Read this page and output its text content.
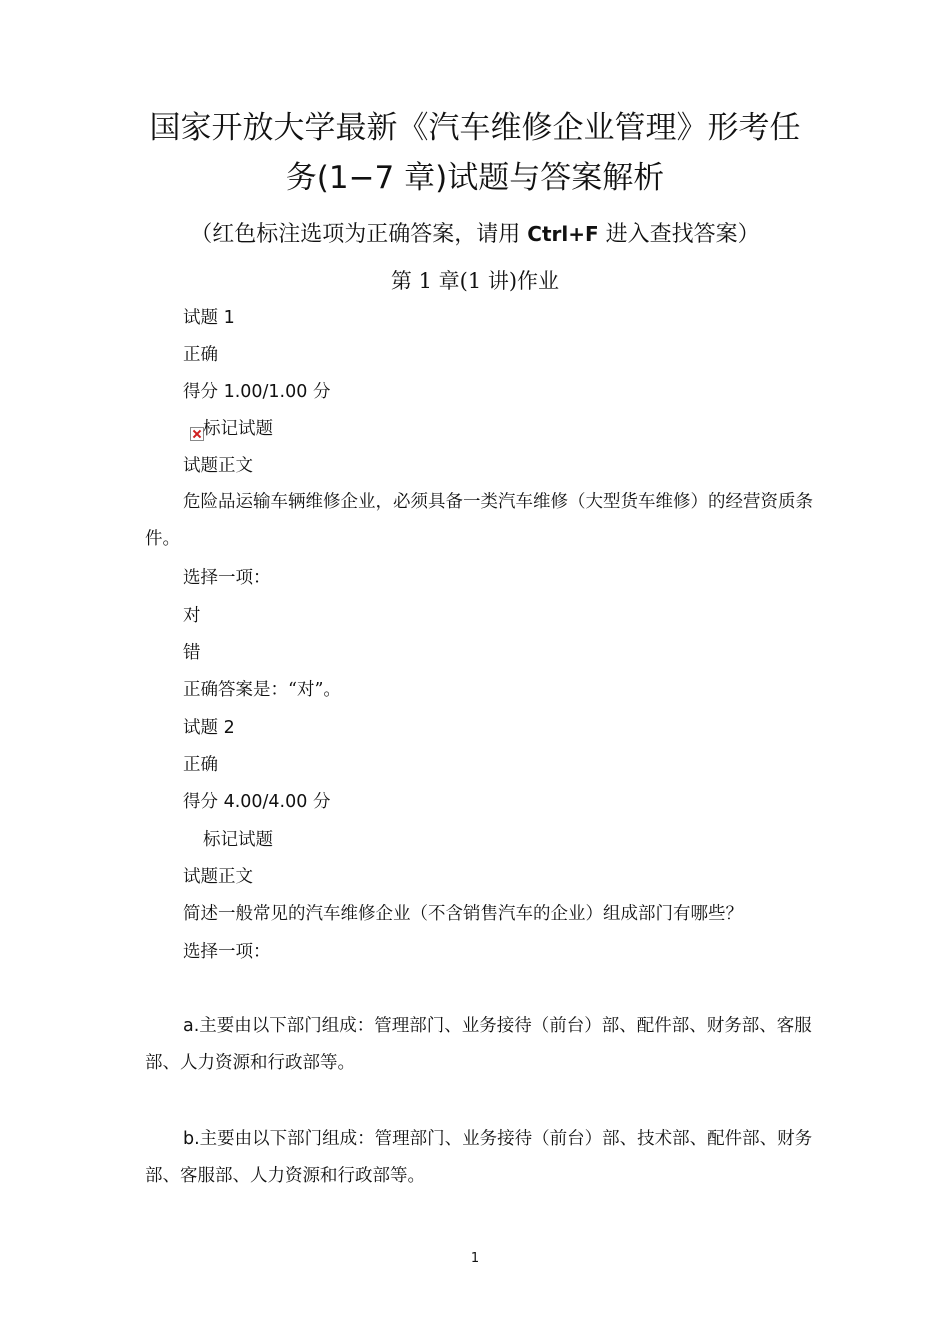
国家开放大学最新《汽车维修企业管理》形考任
务(1−7 章)试题与答案解析
（红色标注选项为正确答案，请用 Ctrl+F 进入查找答案）
第 1 章(1 讲)作业
试题 1
正确
得分 1.00/1.00 分
标记试题
试题正文
危险品运输车辆维修企业，必须具备一类汽车维修（大型货车维修）的经营资质条件。
选择一项：
对
错
正确答案是：“对”。
试题 2
正确
得分 4.00/4.00 分
标记试题
试题正文
简述一般常见的汽车维修企业（不含销售汽车的企业）组成部门有哪些？
选择一项：
a.主要由以下部门组成：管理部门、业务接待（前台）部、配件部、财务部、客服部、人力资源和行政部等。
b.主要由以下部门组成：管理部门、业务接待（前台）部、技术部、配件部、财务部、客服部、人力资源和行政部等。
1
